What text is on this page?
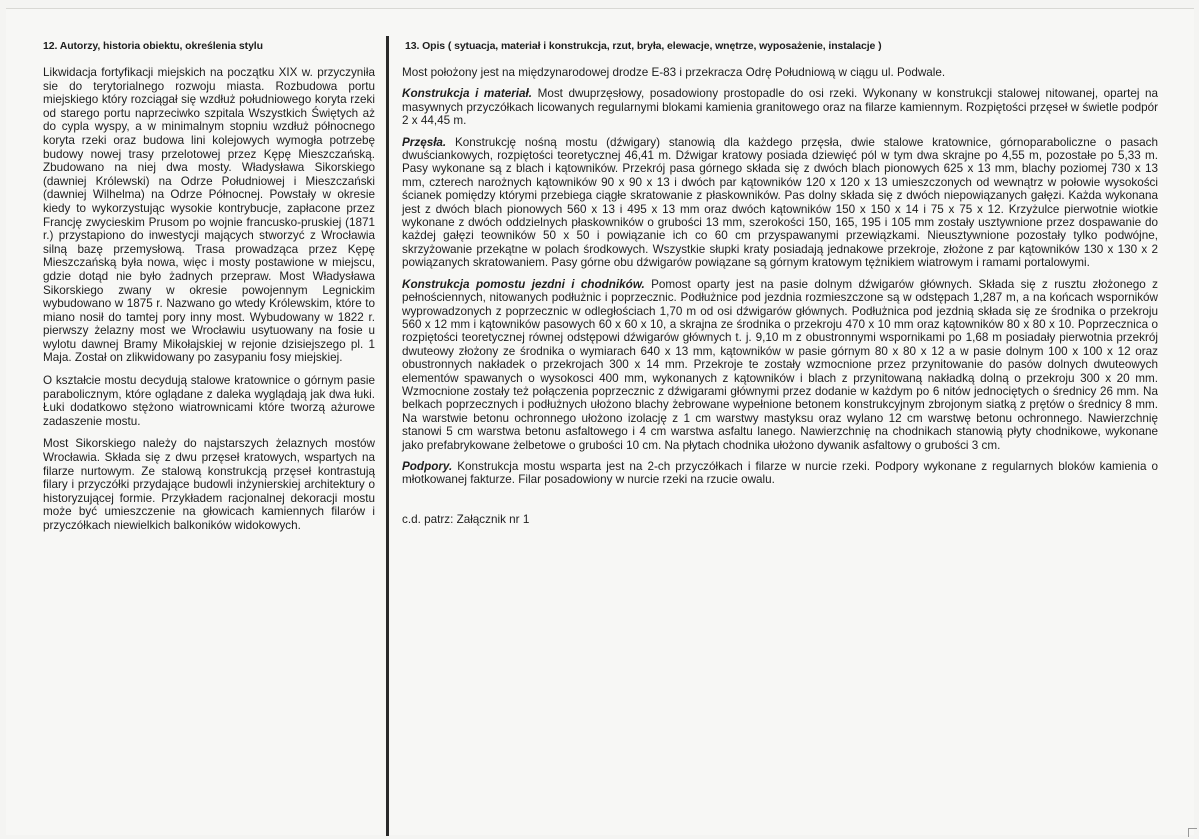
12. Autorzy, historia obiektu, określenia stylu

Likwidacja fortyfikacji miejskich na początku XIX w. przyczyniła sie do terytorialnego rozwoju miasta. Rozbudowa portu miejskiego który rozciągał się wzdłuż południowego koryta rzeki od starego portu naprzeciwko szpitala Wszystkich Świętych aż do cypla wyspy, a w minimalnym stopniu wzdłuż północnego koryta rzeki oraz budowa lini kolejowych wymogła potrzebę budowy nowej trasy przelotowej przez Kępę Mieszczańską. Zbudowano na niej dwa mosty. Władysława Sikorskiego (dawniej Królewski) na Odrze Południowej i Mieszczański (dawniej Wilhelma) na Odrze Północnej. Powstały w okresie kiedy to wykorzystując wysokie kontrybucje, zapłacone przez Francję zwycieskim Prusom po wojnie francusko-pruskiej (1871 r.) przystapiono do inwestycji mających stworzyć z Wrocławia silną bazę przemysłową. Trasa prowadząca przez Kępę Mieszczańską była nowa, więc i mosty postawione w miejscu, gdzie dotąd nie było żadnych przepraw. Most Władysława Sikorskiego zwany w okresie powojennym Legnickim wybudowano w 1875 r. Nazwano go wtedy Królewskim, które to miano nosił do tamtej pory inny most. Wybudowany w 1822 r. pierwszy żelazny most we Wrocławiu usytuowany na fosie u wylotu dawnej Bramy Mikołajskiej w rejonie dzisiejszego pl. 1 Maja. Został on zlikwidowany po zasypaniu fosy miejskiej.

O kształcie mostu decydują stalowe kratownice o górnym pasie parabolicznym, które oglądane z daleka wyglądają jak dwa łuki. Łuki dodatkowo stężono wiatrownicami które tworzą ażurowe zadaszenie mostu.

Most Sikorskiego należy do najstarszych żelaznych mostów Wrocławia. Składa się z dwu przęseł kratowych, wspartych na filarze nurtowym. Ze stalową konstrukcją przęseł kontrastują filary i przyczółki przydające budowli inżynierskiej architektury o historyzującej formie. Przykładem racjonalnej dekoracji mostu może być umieszczenie na głowicach kamiennych filarów i przyczółkach niewielkich balkoników widokowych.

13. Opis ( sytuacja, materiał i konstrukcja, rzut, bryła, elewacje, wnętrze, wyposażenie, instalacje )

Most położony jest na międzynarodowej drodze E-83 i przekracza Odrę Południową w ciągu ul. Podwale.

Konstrukcja i materiał. Most dwuprzęsłowy, posadowiony prostopadle do osi rzeki. Wykonany w konstrukcji stalowej nitowanej, opartej na masywnych przyczółkach licowanych regularnymi blokami kamienia granitowego oraz na filarze kamiennym. Rozpiętości przęseł w świetle podpór 2 x 44,45 m.

Przęsła. Konstrukcję nośną mostu (dźwigary) stanowią dla każdego przęsła, dwie stalowe kratownice, górnoparaboliczne o pasach dwuściankowych, rozpiętości teoretycznej 46,41 m. Dźwigar kratowy posiada dziewięć pól w tym dwa skrajne po 4,55 m, pozostałe po 5,33 m. Pasy wykonane są z blach i kątowników. Przekrój pasa górnego składa się z dwóch blach pionowych 625 x 13 mm, blachy poziomej 730 x 13 mm, czterech narożnych kątowników 90 x 90 x 13 i dwóch par kątowników 120 x 120 x 13 umieszczonych od wewnątrz w połowie wysokości ścianek pomiędzy którymi przebiega ciągłe skratowanie z płaskowników. Pas dolny składa się z dwóch niepowiązanych gałęzi. Każda wykonana jest z dwóch blach pionowych 560 x 13 i 495 x 13 mm oraz dwóch kątowników 150 x 150 x 14 i 75 x 75 x 12. Krzyżulce pierwotnie wiotkie wykonane z dwóch oddzielnych płaskowników o grubości 13 mm, szerokości 150, 165, 195 i 105 mm zostały usztywnione przez dospawanie do każdej gałęzi teowników 50 x 50 i powiązanie ich co 60 cm przyspawanymi przewiązkami. Nieusztywnione pozostały tylko podwójne, skrzyżowanie przekątne w polach środkowych. Wszystkie słupki kraty posiadają jednakowe przekroje, złożone z par kątowników 130 x 130 x 2 powiązanych skratowaniem. Pasy górne obu dźwigarów powiązane są górnym kratowym tężnikiem wiatrowym i ramami portalowymi.

Konstrukcja pomostu jezdni i chodników. Pomost oparty jest na pasie dolnym dźwigarów głównych. Składa się z rusztu złożonego z pełnościennych, nitowanych podłużnic i poprzecznic. Podłużnice pod jezdnia rozmieszczone są w odstępach 1,287 m, a na końcach wsporników wyprowadzonych z poprzecznic w odległościach 1,70 m od osi dźwigarów głównych. Podłużnica pod jezdnią składa się ze środnika o przekroju 560 x 12 mm i kątowników pasowych 60 x 60 x 10, a skrajna ze środnika o przekroju 470 x 10 mm oraz kątowników 80 x 80 x 10. Poprzecznica o rozpiętości teoretycznej równej odstępowi dźwigarów głównych t. j. 9,10 m z obustronnymi wspornikami po 1,68 m posiadały pierwotnia przekrój dwuteowy złożony ze środnika o wymiarach 640 x 13 mm, kątowników w pasie górnym 80 x 80 x 12 a w pasie dolnym 100 x 100 x 12 oraz obustronnych nakładek o przekrojach 300 x 14 mm. Przekroje te zostały wzmocnione przez przynitowanie do pasów dolnych dwuteowych elementów spawanych o wysokosci 400 mm, wykonanych z kątowników i blach z przynitowaną nakładką dolną o przekroju 300 x 20 mm. Wzmocnione zostały też połączenia poprzecznic z dźwigarami głównymi przez dodanie w każdym po 6 nitów jednociętych o średnicy 26 mm. Na belkach poprzecznych i podłużnych ułożono blachy żebrowane wypełnione betonem konstrukcyjnym zbrojonym siatką z prętów o średnicy 8 mm. Na warstwie betonu ochronnego ułożono izolację z 1 cm warstwy mastyksu oraz wylano 12 cm warstwę betonu ochronnego. Nawierzchnię stanowi 5 cm warstwa betonu asfaltowego i 4 cm warstwa asfaltu lanego. Nawierzchnię na chodnikach stanowią płyty chodnikowe, wykonane jako prefabrykowane żelbetowe o grubości 10 cm. Na płytach chodnika ułożono dywanik asfaltowy o grubości 3 cm.

Podpory. Konstrukcja mostu wsparta jest na 2-ch przyczółkach i filarze w nurcie rzeki. Podpory wykonane z regularnych bloków kamienia o młotkowanej fakturze. Filar posadowiony w nurcie rzeki na rzucie owalu.

c.d. patrz: Załącznik nr 1
